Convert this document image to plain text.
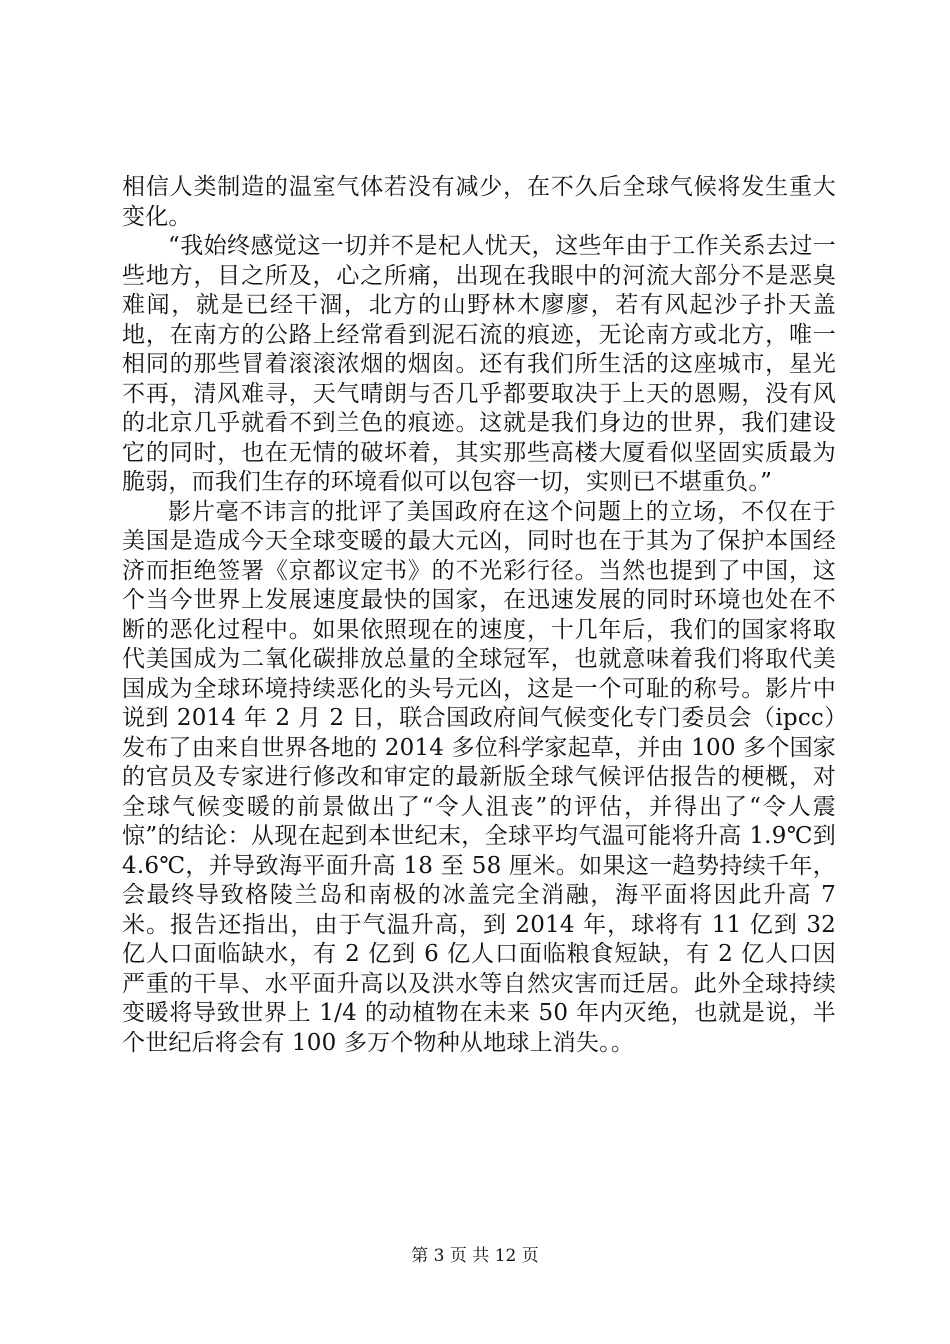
相信人类制造的温室气体若没有减少，在不久后全球气候将发生重大变化。

“我始终感觉这一切并不是杞人忧天，这些年由于工作关系去过一些地方，目之所及，心之所痛，出现在我眼中的河流大部分不是恶臭难闻，就是已经干涸，北方的山野林木廖廖，若有风起沙子扑天盖地，在南方的公路上经常看到泥石流的痕迹，无论南方或北方，唯一相同的那些冒着滚滚浓烟的烟囱。还有我们所生活的这座城市，星光不再，清风难寻，天气晴朗与否几乎都要取决于上天的恩赐，没有风的北京几乎就看不到兰色的痕迹。这就是我们身边的世界，我们建设它的同时，也在无情的破坏着，其实那些高楼大厦看似坚固实质最为脆弱，而我们生存的环境看似可以包容一切，实则已不堪重负。”

影片毫不讳言的批评了美国政府在这个问题上的立场，不仅在于美国是造成今天全球变暖的最大元凶，同时也在于其为了保护本国经济而拒绝签署《京都议定书》的不光彩行径。当然也提到了中国，这个当今世界上发展速度最快的国家，在迅速发展的同时环境也处在不断的恶化过程中。如果依照现在的速度，十几年后，我们的国家将取代美国成为二氧化碳排放总量的全球冠军，也就意味着我们将取代美国成为全球环境持续恶化的头号元凶，这是一个可耻的称号。影片中说到 2014 年 2 月 2 日，联合国政府间气候变化专门委员会（ipcc）发布了由来自世界各地的 2014 多位科学家起草，并由 100 多个国家的官员及专家进行修改和审定的最新版全球气候评估报告的梗概，对全球气候变暖的前景做出了“令人沮丧”的评估，并得出了“令人震惊”的结论：从现在起到本世纪末，全球平均气温可能将升高 1.9℃到 4.6℃，并导致海平面升高 18 至 58 厘米。如果这一趋势持续千年，会最终导致格陵兰岛和南极的冰盖完全消融，海平面将因此升高 7 米。报告还指出，由于气温升高，到 2014 年，球将有 11 亿到 32 亿人口面临缺水，有 2 亿到 6 亿人口面临粮食短缺，有 2 亿人口因严重的干旱、水平面升高以及洪水等自然灾害而迁居。此外全球持续变暖将导致世界上 1/4 的动植物在未来 50 年内灭绝，也就是说，半个世纪后将会有 100 多万个物种从地球上消失。。

第 3 页 共 12 页
